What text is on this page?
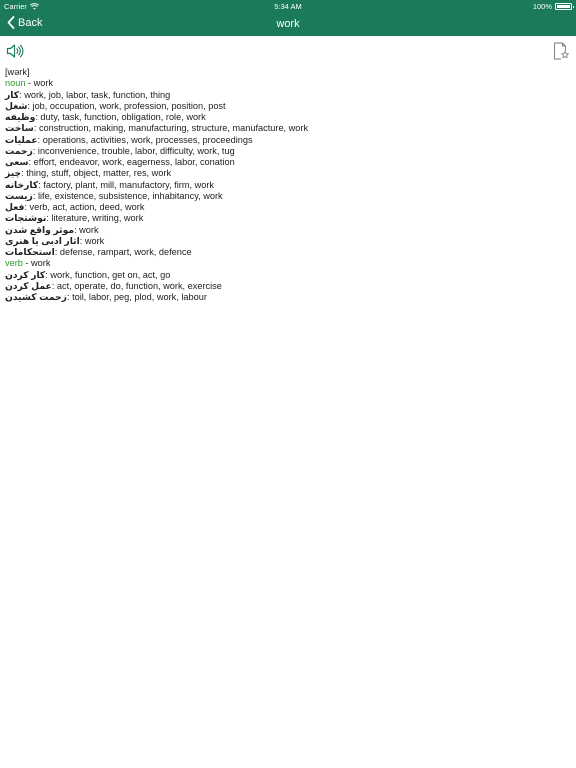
Carrier	5:34 AM	100%
Back	work
[wərk]
noun - work
کار: work, job, labor, task, function, thing
شغل: job, occupation, work, profession, position, post
وظیفه: duty, task, function, obligation, role, work
ساخت: construction, making, manufacturing, structure, manufacture, work
عملیات: operations, activities, work, processes, proceedings
زحمت: inconvenience, trouble, labor, difficulty, work, tug
سعی: effort, endeavor, work, eagerness, labor, conation
چیز: thing, stuff, object, matter, res, work
کارخانه: factory, plant, mill, manufactory, firm, work
زیست: life, existence, subsistence, inhabitancy, work
فعل: verb, act, action, deed, work
نوشتجات: literature, writing, work
موثر واقع شدن: work
اثار ادبی یا هنری: work
استحکامات: defense, rampart, work, defence
verb - work
کار کردن: work, function, get on, act, go
عمل کردن: act, operate, do, function, work, exercise
زحمت کشیدن: toil, labor, peg, plod, work, labour
